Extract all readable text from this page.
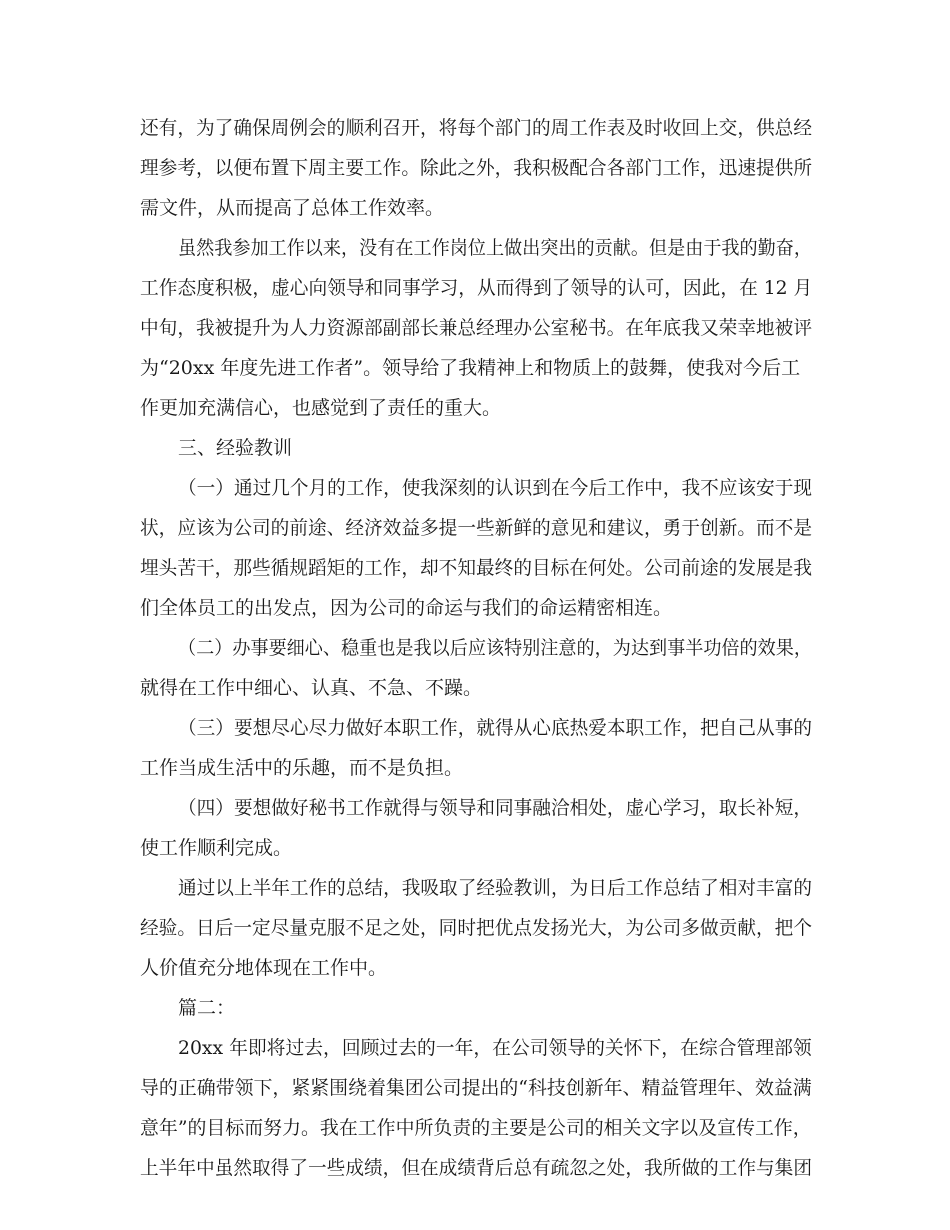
还有，为了确保周例会的顺利召开，将每个部门的周工作表及时收回上交，供总经

理参考，以便布置下周主要工作。除此之外，我积极配合各部门工作，迅速提供所

需文件，从而提高了总体工作效率。

虽然我参加工作以来，没有在工作岗位上做出突出的贡献。但是由于我的勤奋，

工作态度积极，虚心向领导和同事学习，从而得到了领导的认可，因此，在 12 月

中旬，我被提升为人力资源部副部长兼总经理办公室秘书。在年底我又荣幸地被评

为“20xx 年度先进工作者”。领导给了我精神上和物质上的鼓舞，使我对今后工

作更加充满信心，也感觉到了责任的重大。

三、经验教训

（一）通过几个月的工作，使我深刻的认识到在今后工作中，我不应该安于现

状，应该为公司的前途、经济效益多提一些新鲜的意见和建议，勇于创新。而不是

埋头苦干，那些循规蹈矩的工作，却不知最终的目标在何处。公司前途的发展是我

们全体员工的出发点，因为公司的命运与我们的命运精密相连。

（二）办事要细心、稳重也是我以后应该特别注意的，为达到事半功倍的效果，

就得在工作中细心、认真、不急、不躁。

（三）要想尽心尽力做好本职工作，就得从心底热爱本职工作，把自己从事的

工作当成生活中的乐趣，而不是负担。

（四）要想做好秘书工作就得与领导和同事融洽相处，虚心学习，取长补短，

使工作顺利完成。

通过以上半年工作的总结，我吸取了经验教训，为日后工作总结了相对丰富的

经验。日后一定尽量克服不足之处，同时把优点发扬光大，为公司多做贡献，把个

人价值充分地体现在工作中。

篇二：

20xx 年即将过去，回顾过去的一年，在公司领导的关怀下，在综合管理部领

导的正确带领下，紧紧围绕着集团公司提出的“科技创新年、精益管理年、效益满

意年”的目标而努力。我在工作中所负责的主要是公司的相关文字以及宣传工作，

上半年中虽然取得了一些成绩，但在成绩背后总有疏忽之处，我所做的工作与集团
